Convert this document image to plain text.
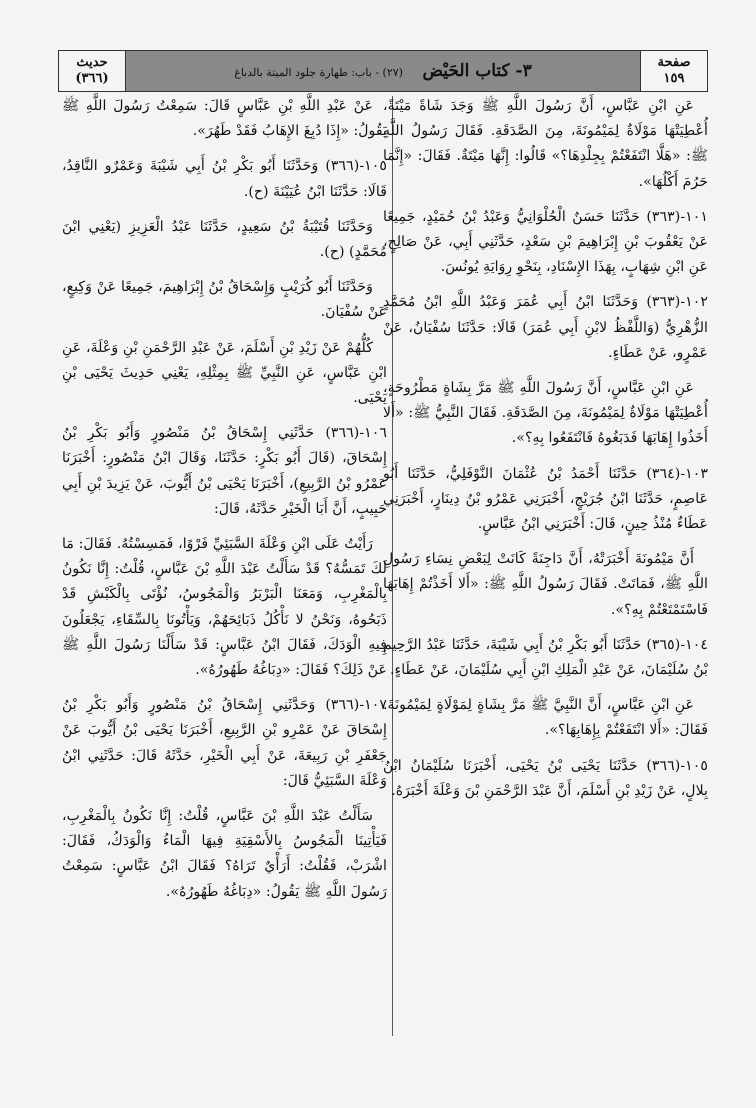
صفحة
١٥٩
٣- كتاب الحَيْض    (٢٧) - باب: طهارة جلود الميتة بالدباغ
حديث
(٣٦٦)

عَنِ ابْنِ عَبَّاسٍ، أَنَّ رَسُولَ اللَّهِ ﷺ وَجَدَ شَاةً مَيْتَةً، أُعْطِيَتْهَا مَوْلَاةٌ لِمَيْمُونَةَ، مِنَ الصَّدَقَةِ. فَقَالَ رَسُولُ اللَّهِ ﷺ: «هَلَّا انْتَفَعْتُمْ بِجِلْدِهَا؟» قَالُوا: إِنَّهَا مَيْتَةٌ. فَقَالَ: «إِنَّمَا حَرُمَ أَكْلُهَا».

١٠١-(٣٦٣) حَدَّثَنَا حَسَنٌ الْحُلْوَانِيُّ وَعَبْدُ بْنُ حُمَيْدٍ، جَمِيعًا عَنْ يَعْقُوبَ بْنِ إِبْرَاهِيمَ بْنِ سَعْدٍ، حَدَّثَنِي أَبِي، عَنْ صَالِحٍ، عَنِ ابْنِ شِهَابٍ، بِهَذَا الإِسْنَادِ، بِنَحْوِ رِوَايَةِ يُونُسَ.

١٠٢-(٣٦٣) وَحَدَّثَنَا ابْنُ أَبِي عُمَرَ وَعَبْدُ اللَّهِ ابْنُ مُحَمَّدٍ الزُّهْرِيُّ (وَاللَّفْظُ لابْنِ أَبِي عُمَرَ) قَالَا: حَدَّثَنَا سُفْيَانُ، عَنْ عَمْرٍو، عَنْ عَطَاءٍ.

عَنِ ابْنِ عَبَّاسٍ، أَنَّ رَسُولَ اللَّهِ ﷺ مَرَّ بِشَاةٍ مَطْرُوحَةٍ، أُعْطِيَتْهَا مَوْلَاةٌ لِمَيْمُونَةَ، مِنَ الصَّدَقَةِ. فَقَالَ النَّبِيُّ ﷺ: «أَلا أَخَذُوا إِهَابَهَا فَدَبَغُوهُ فَانْتَفَعُوا بِهِ؟».

١٠٣-(٣٦٤) حَدَّثَنَا أَحْمَدُ بْنُ عُثْمَانَ النَّوْفَلِيُّ، حَدَّثَنَا أَبُو عَاصِمٍ، حَدَّثَنَا ابْنُ جُرَيْجٍ، أَخْبَرَنِي عَمْرُو بْنُ دِينَارٍ، أَخْبَرَنِي عَطَاءٌ مُنْذُ حِينٍ، قَالَ: أَخْبَرَنِي ابْنُ عَبَّاسٍ.

أَنَّ مَيْمُونَةَ أَخْبَرَتْهُ، أَنَّ دَاجِنَةً كَانَتْ لِبَعْضِ نِسَاءِ رَسُولِ اللَّهِ ﷺ، فَمَاتَتْ. فَقَالَ رَسُولُ اللَّهِ ﷺ: «أَلا أَخَذْتُمْ إِهَابَهَا فَاسْتَمْتَعْتُمْ بِهِ؟».

١٠٤-(٣٦٥) حَدَّثَنَا أَبُو بَكْرِ بْنُ أَبِي شَيْبَةَ، حَدَّثَنَا عَبْدُ الرَّحِيمِ بْنُ سُلَيْمَانَ، عَنْ عَبْدِ الْمَلِكِ ابْنِ أَبِي سُلَيْمَانَ، عَنْ عَطَاءٍ.

عَنِ ابْنِ عَبَّاسٍ، أَنَّ النَّبِيَّ ﷺ مَرَّ بِشَاةٍ لِمَوْلَاةٍ لِمَيْمُونَةَ. فَقَالَ: «أَلا انْتَفَعْتُمْ بِإِهَابِهَا؟».

١٠٥-(٣٦٦) حَدَّثَنَا يَحْيَى بْنُ يَحْيَى، أَخْبَرَنَا سُلَيْمَانُ ابْنُ بِلالٍ، عَنْ زَيْدِ بْنِ أَسْلَمَ، أَنَّ عَبْدَ الرَّحْمَنِ بْنَ وَعْلَةَ أَخْبَرَهُ.

عَنْ عَبْدِ اللَّهِ بْنِ عَبَّاسٍ قَالَ: سَمِعْتُ رَسُولَ اللَّهِ ﷺ يَقُولُ: «إِذَا دُبِغَ الإِهَابُ فَقَدْ طَهُرَ».

١٠٥-(٣٦٦) وَحَدَّثَنَا أَبُو بَكْرِ بْنُ أَبِي شَيْبَةَ وَعَمْرٌو النَّاقِدُ، قَالَا: حَدَّثَنَا ابْنُ عُيَيْنَةَ (ح).

وَحَدَّثَنَا قُتَيْبَةُ بْنُ سَعِيدٍ، حَدَّثَنَا عَبْدُ الْعَزِيزِ (يَعْنِي ابْنَ مُحَمَّدٍ) (ح).

وَحَدَّثَنَا أَبُو كُرَيْبٍ وَإِسْحَاقُ بْنُ إِبْرَاهِيمَ، جَمِيعًا عَنْ وَكِيعٍ، عَنْ سُفْيَانَ.

كُلُّهُمْ عَنْ زَيْدِ بْنِ أَسْلَمَ، عَنْ عَبْدِ الرَّحْمَنِ بْنِ وَعْلَةَ، عَنِ ابْنِ عَبَّاسٍ، عَنِ النَّبِيِّ ﷺ بِمِثْلِهِ، يَعْنِي حَدِيثَ يَحْيَى بْنِ يَحْيَى.

١٠٦-(٣٦٦) حَدَّثَنِي إِسْحَاقُ بْنُ مَنْصُورٍ وَأَبُو بَكْرِ بْنُ إِسْحَاقَ، (قَالَ أَبُو بَكْرٍ: حَدَّثَنَا، وَقَالَ ابْنُ مَنْصُورٍ: أَخْبَرَنَا عَمْرُو بْنُ الرَّبِيعِ)، أَخْبَرَنَا يَحْيَى بْنُ أَيُّوبَ، عَنْ يَزِيدَ بْنِ أَبِي حَبِيبٍ، أَنَّ أَبَا الْخَيْرِ حَدَّثَهُ، قَالَ:

رَأَيْتُ عَلَى ابْنِ وَعْلَةَ السَّبَئِيِّ فَرْوًا، فَمَسِسْتُهُ. فَقَالَ: مَا لَكَ تَمَسُّهُ؟ قَدْ سَأَلْتُ عَبْدَ اللَّهِ بْنَ عَبَّاسٍ، قُلْتُ: إِنَّا نَكُونُ بِالْمَغْرِبِ، وَمَعَنَا الْبَرْبَرُ وَالْمَجُوسُ، نُؤْتَى بِالْكَبْشِ قَدْ ذَبَحُوهُ، وَنَحْنُ لا نَأْكُلُ ذَبَائِحَهُمْ، وَيَأْتُونَا بِالسِّقَاءِ، يَجْعَلُونَ فِيهِ الْوَدَكَ، فَقَالَ ابْنُ عَبَّاسٍ: قَدْ سَأَلْنَا رَسُولَ اللَّهِ ﷺ عَنْ ذَلِكَ؟ فَقَالَ: «دِبَاغُهُ طَهُورُهُ».

١٠٧-(٣٦٦) وَحَدَّثَنِي إِسْحَاقُ بْنُ مَنْصُورٍ وَأَبُو بَكْرِ بْنُ إِسْحَاقَ عَنْ عَمْرِو بْنِ الرَّبِيعِ، أَخْبَرَنَا يَحْيَى بْنُ أَيُّوبَ عَنْ جَعْفَرِ بْنِ رَبِيعَةَ، عَنْ أَبِي الْخَيْرِ، حَدَّثَهُ قَالَ: حَدَّثَنِي ابْنُ وَعْلَةَ السَّبَئِيُّ قَالَ:

سَأَلْتُ عَبْدَ اللَّهِ بْنَ عَبَّاسٍ، قُلْتُ: إِنَّا نَكُونُ بِالْمَغْرِبِ، فَيَأْتِينَا الْمَجُوسُ بِالأَسْقِيَةِ فِيهَا الْمَاءُ وَالْوَدَكُ، فَقَالَ: اشْرَبْ، فَقُلْتُ: أَرَأْيٌ تَرَاهُ؟ فَقَالَ ابْنُ عَبَّاسٍ: سَمِعْتُ رَسُولَ اللَّهِ ﷺ يَقُولُ: «دِبَاغُهُ طَهُورُهُ».
